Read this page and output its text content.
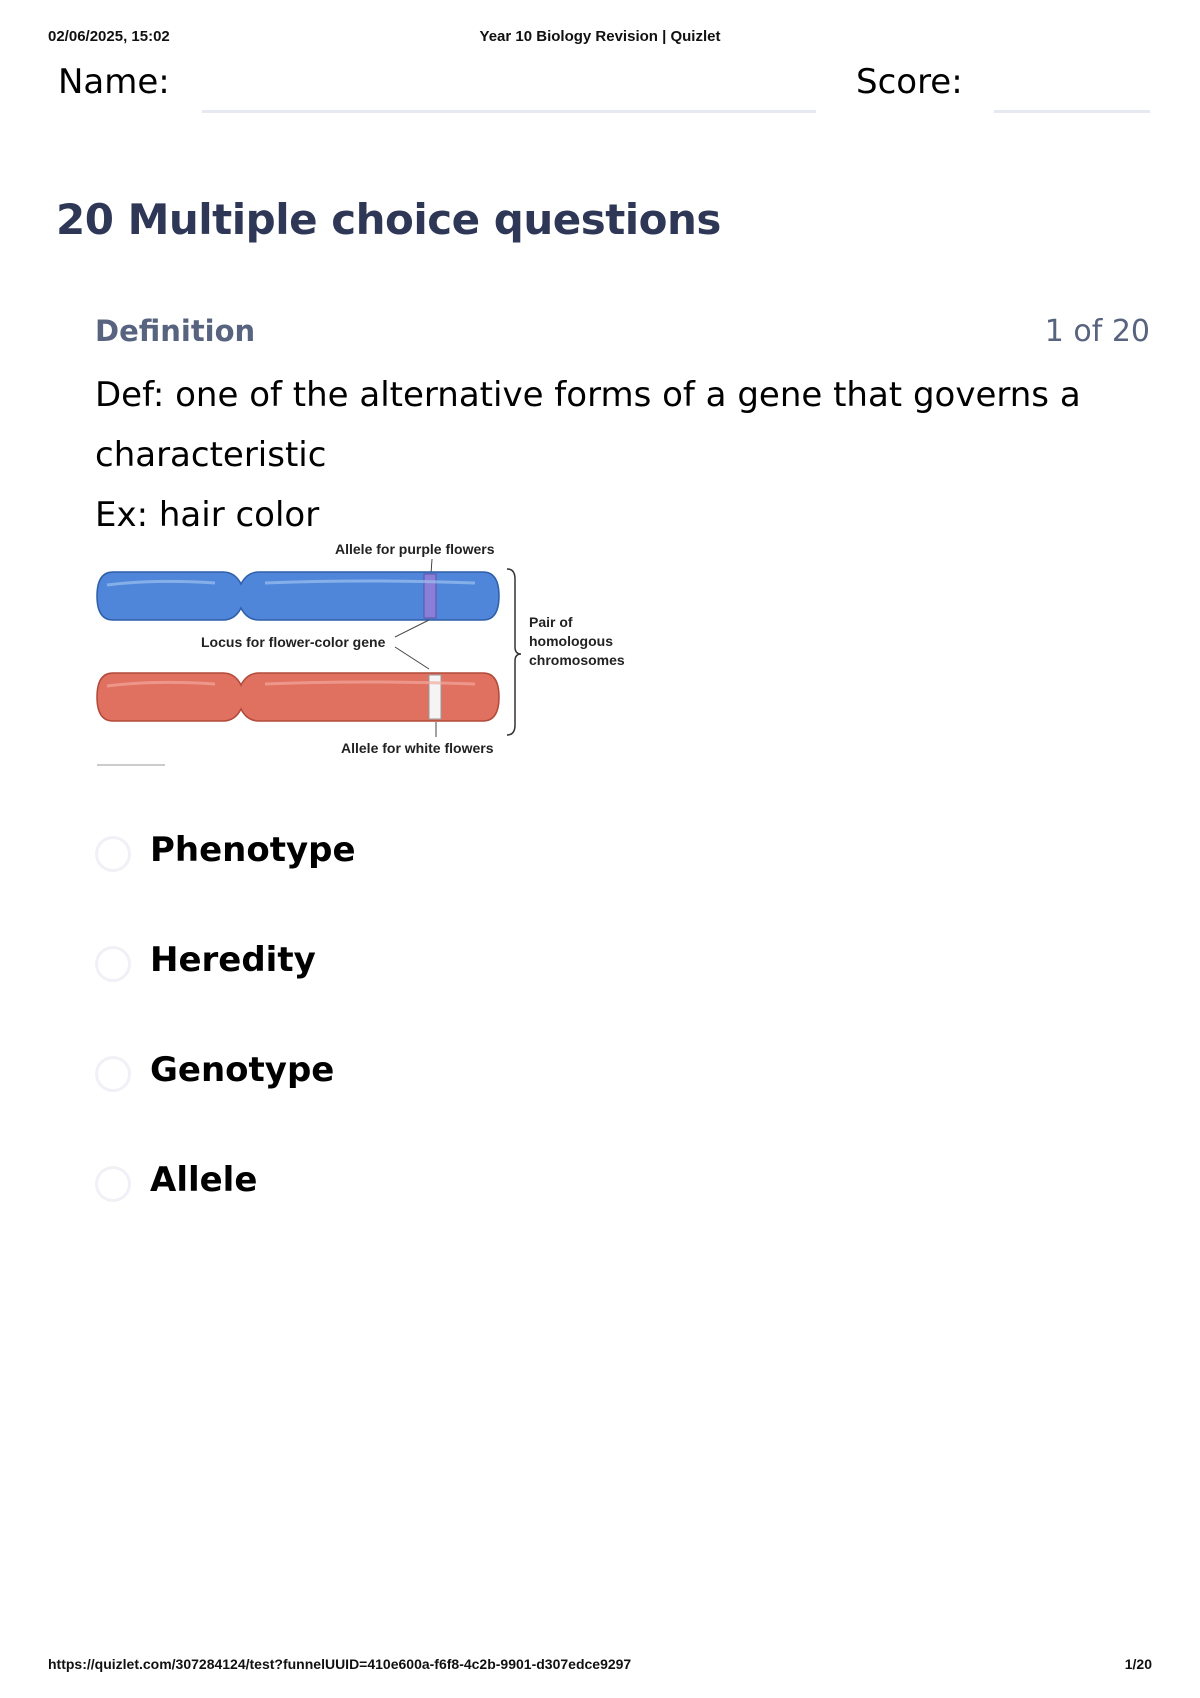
02/06/2025, 15:02	Year 10 Biology Revision | Quizlet
Name:	Score:
20 Multiple choice questions
Definition	1 of 20
Def: one of the alternative forms of a gene that governs a
characteristic
Ex: hair color
Allele for purple flowers
Locus for flower-color gene
Pair of
homologous
chromosomes
Allele for white flowers
Phenotype
Heredity
Genotype
Allele
https://quizlet.com/307284124/test?funnelUUID=410e600a-f6f8-4c2b-9901-d307edce9297	1/20
